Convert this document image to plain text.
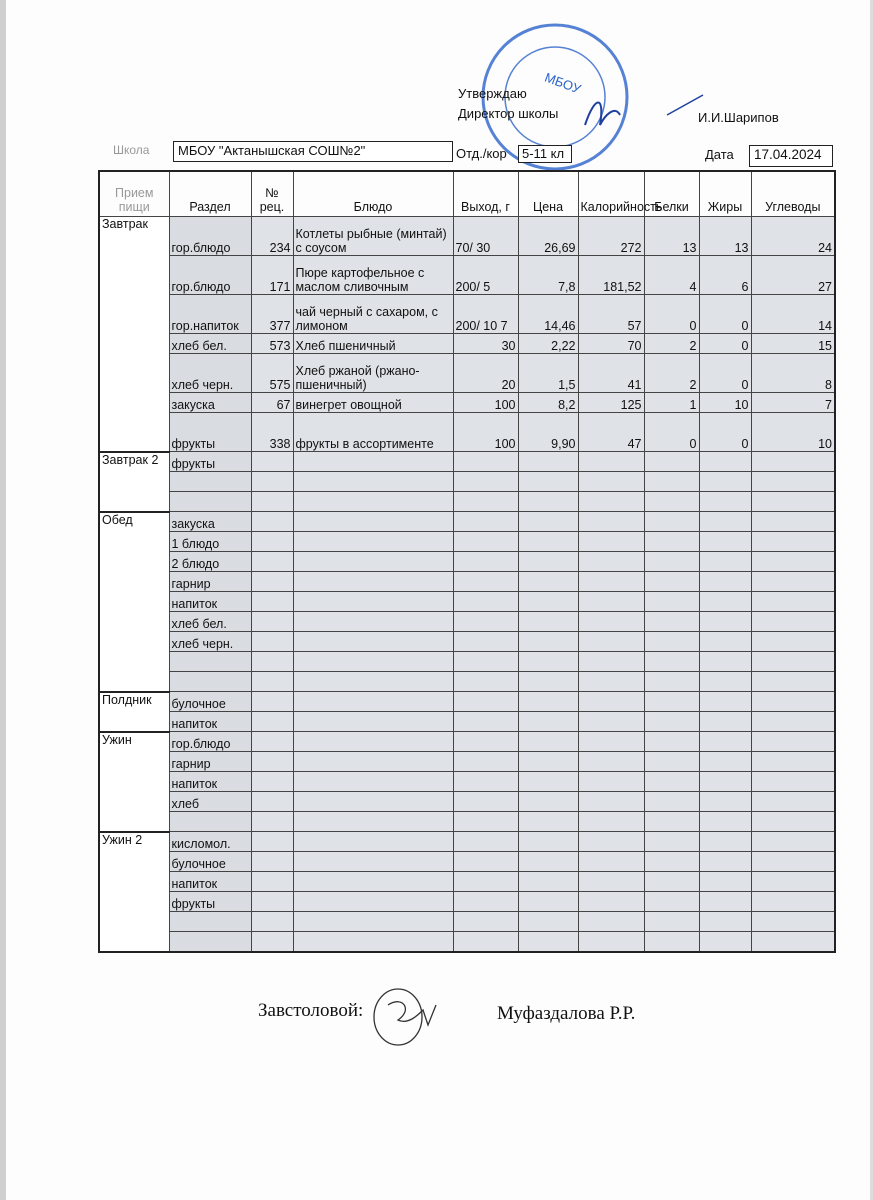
МБОУ
Утверждаю
Директор школы	И.И.Шарипов
Школа	МБОУ "Актанышская СОШ№2"	Отд./кор	5-11 кл	Дата	17.04.2024
Прием пищи	Раздел	№ рец.	Блюдо	Выход, г	Цена	Калорийность	Белки	Жиры	Углеводы
Завтрак	гор.блюдо	234	Котлеты рыбные (минтай) с соусом	70/ 30	26,69	272	13	13	24
	гор.блюдо	171	Пюре картофельное с маслом сливочным	200/ 5	7,8	181,52	4	6	27
	гор.напиток	377	чай черный с сахаром, с лимоном	200/ 10 7	14,46	57	0	0	14
	хлеб бел.	573	Хлеб пшеничный	30	2,22	70	2	0	15
	хлеб черн.	575	Хлеб ржаной (ржано-пшеничный)	20	1,5	41	2	0	8
	закуска	67	винегрет овощной	100	8,2	125	1	10	7
	фрукты	338	фрукты в ассортименте	100	9,90	47	0	0	10
Завтрак 2	фрукты								

Обед	закуска								
	1 блюдо								
	2 блюдо								
	гарнир								
	напиток								
	хлеб бел.								
	хлеб черн.								

Полдник	булочное								
	напиток								
Ужин	гор.блюдо								
	гарнир								
	напиток								
	хлеб								

Ужин 2	кисломол.								
	булочное								
	напиток								
	фрукты								

Завстоловой:	Муфаздалова Р.Р.
